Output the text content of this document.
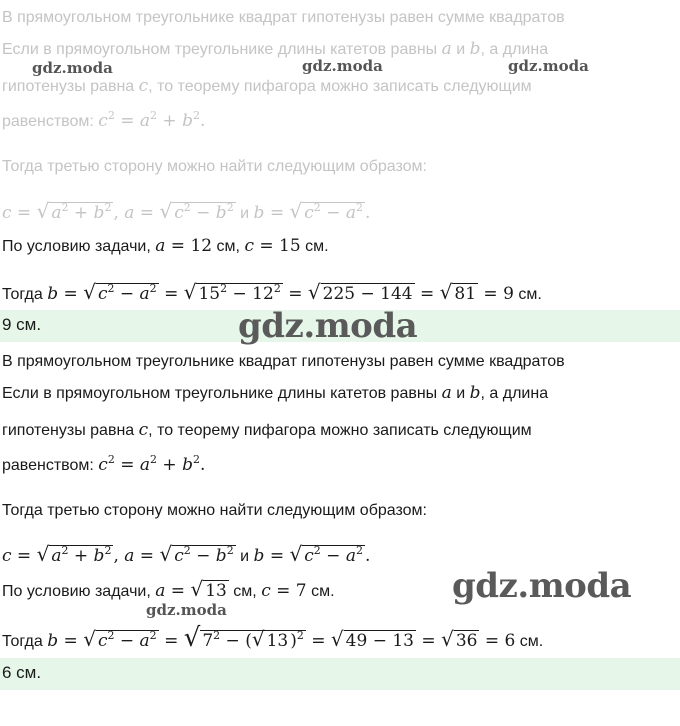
В прямоугольном треугольнике квадрат гипотенузы равен сумме квадратов
Если в прямоугольном треугольнике длины катетов равны a и b, а длина
гипотенузы равна c, то теорему пифагора можно записать следующим
равенством: $c^2 = a^2 + b^2$.
Тогда третью сторону можно найти следующим образом:
c = √ $a^2 + b^2$ , a = √ $c^2 - b^2$ и b = √ $c^2 - a^2$ .
По условию задачи, a = 12 см, c = 15 см.
Тогда b = √ $c^2 - a^2$ = √ $15^2 - 12^2$ = √ 225 − 144 = √ 81 = 9 см.
9 см.
В прямоугольном треугольнике квадрат гипотенузы равен сумме квадратов
Если в прямоугольном треугольнике длины катетов равны a и b, а длина
гипотенузы равна c, то теорему пифагора можно записать следующим
равенством: $c^2 = a^2 + b^2$.
Тогда третью сторону можно найти следующим образом:
c = √ $a^2 + b^2$ , a = √ $c^2 - b^2$ и b = √ $c^2 - a^2$ .
По условию задачи, a = √ 13 см, c = 7 см.
Тогда b = √ $c^2 - a^2$ = √ $7^2$ − (√ 13 )$^2$ = √ 49 − 13 = √ 36 = 6 см.
6 см.
gdz.moda	gdz.moda	gdz.moda
gdz.moda
gdz.moda
gdz.moda
